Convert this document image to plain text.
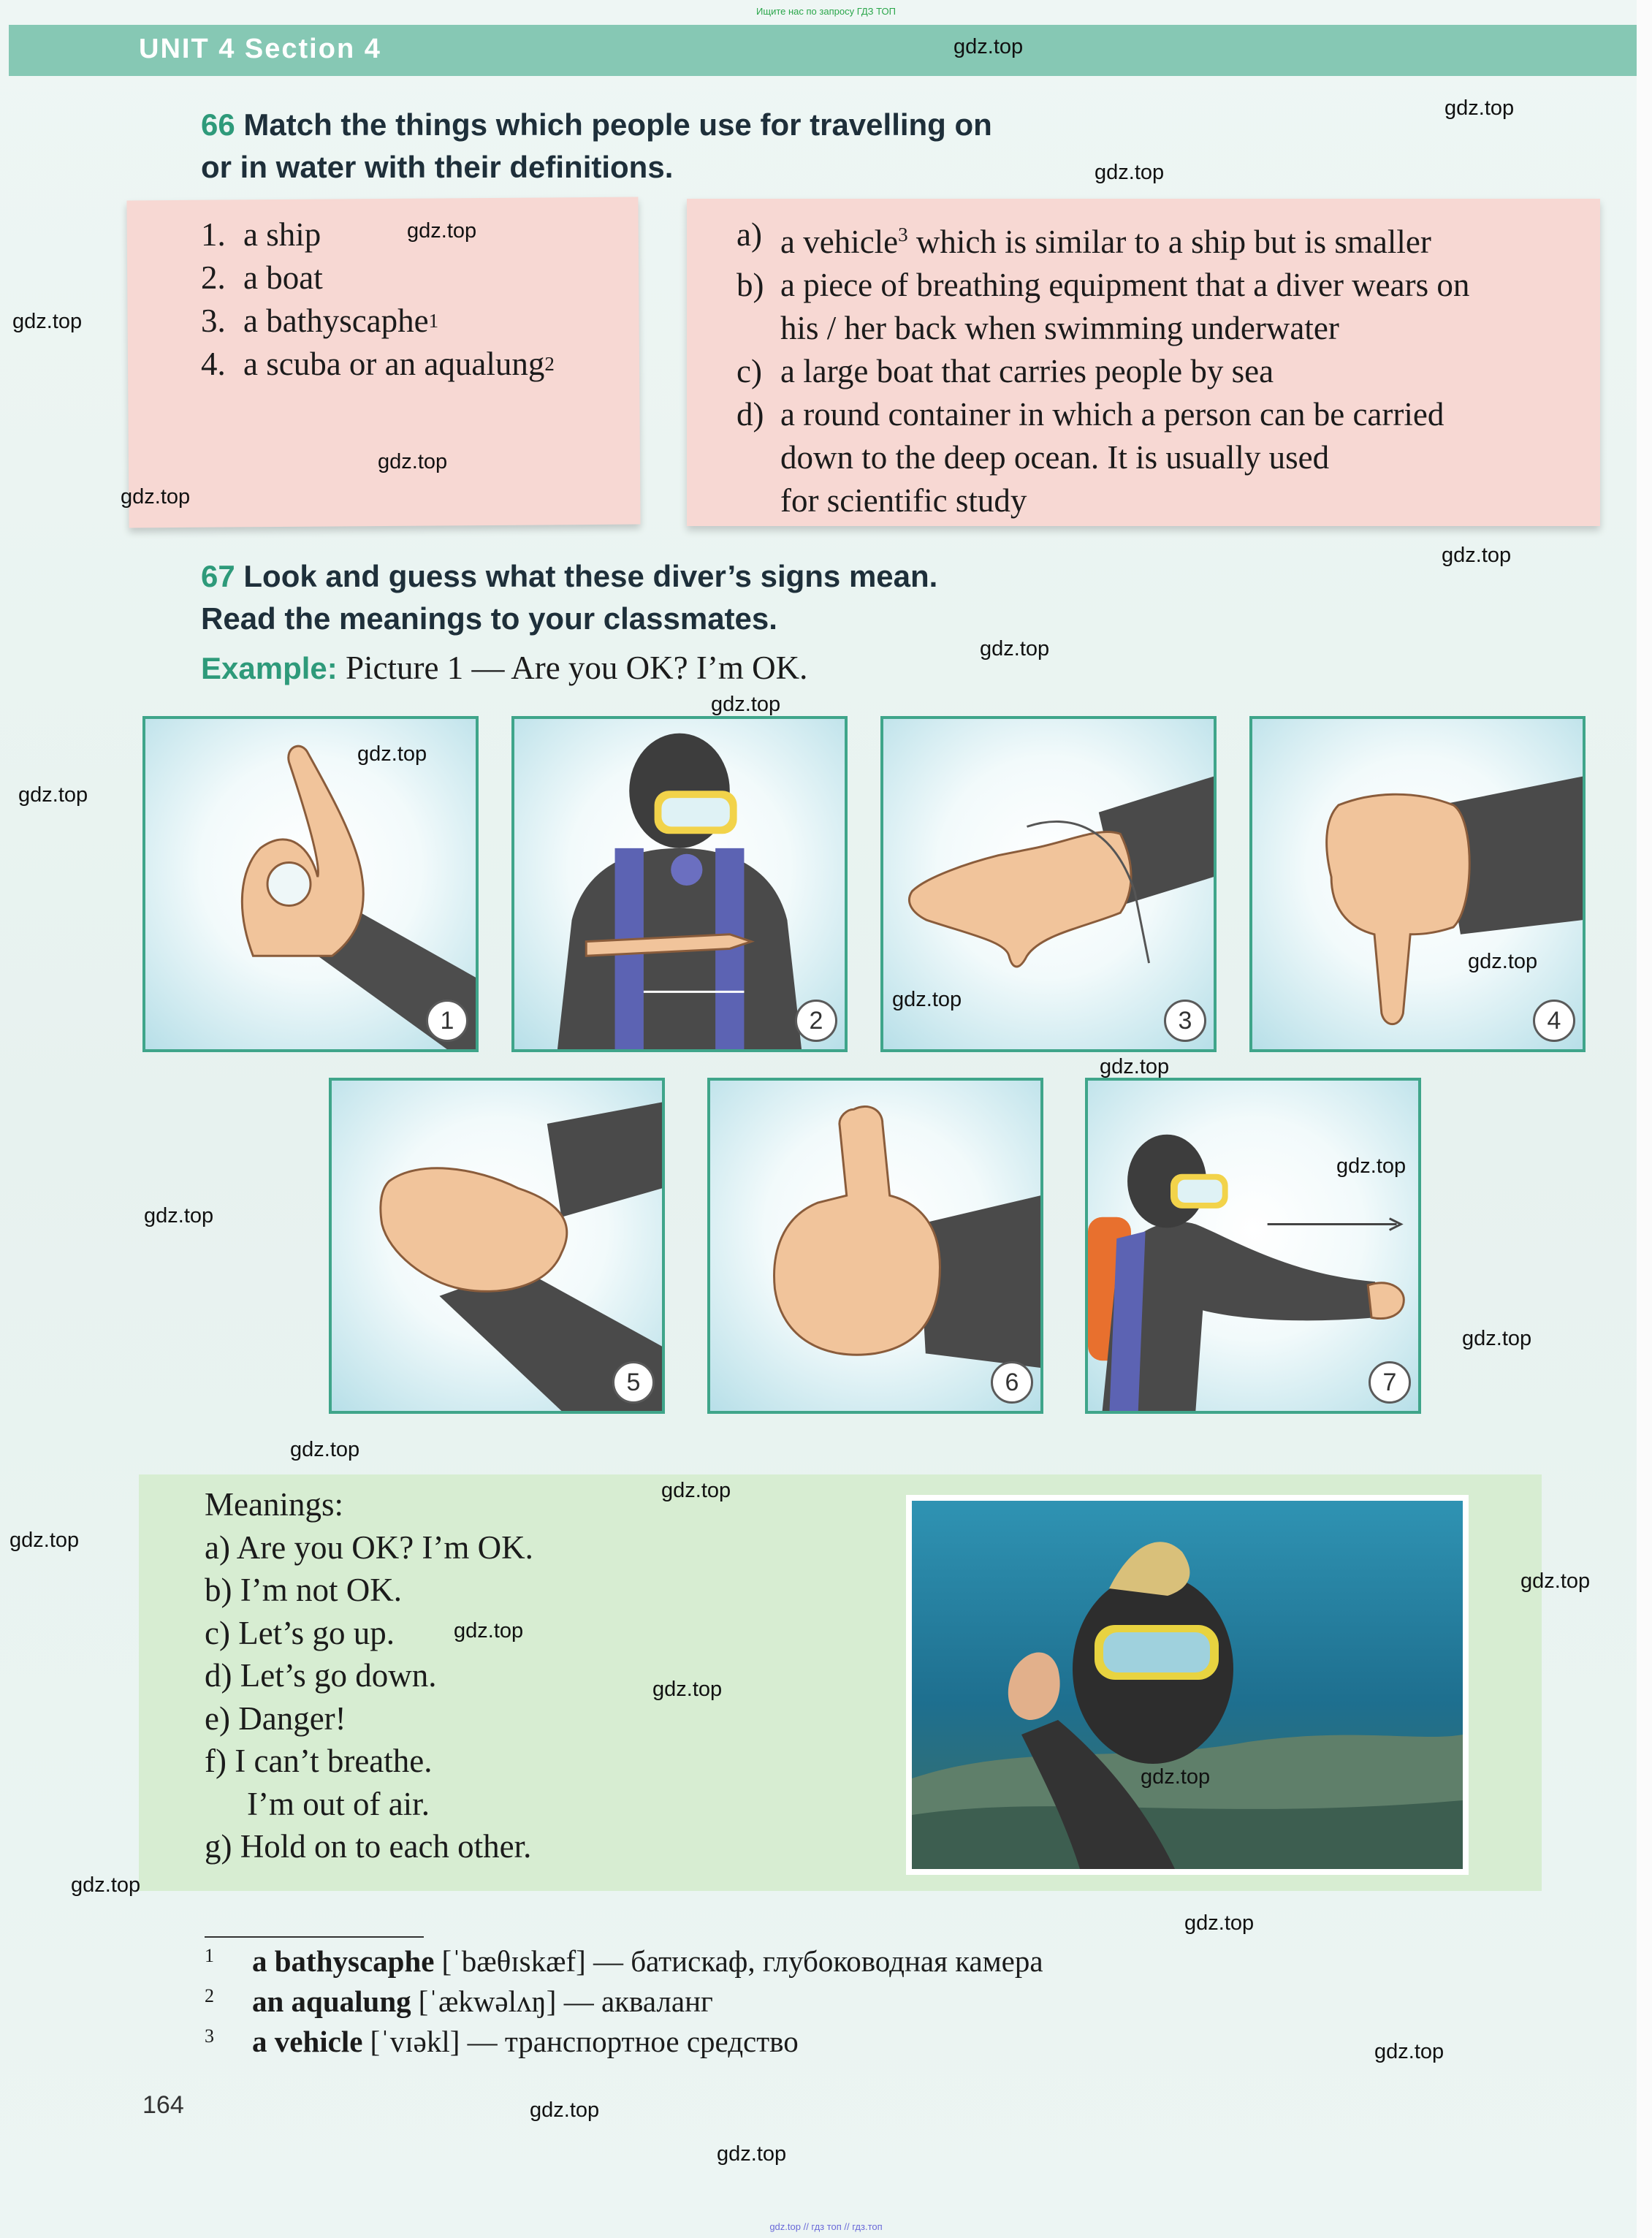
Ищите нас по запросу ГДЗ ТОП
UNIT 4 Section 4
66 Match the things which people use for travelling on
or in water with their definitions.
1. a ship
2. a boat
3. a bathyscaphe 1
4. a scuba or an aqualung 2
a) a vehicle$^3$ which is similar to a ship but is smaller
b) a piece of breathing equipment that a diver wears on
his / her back when swimming underwater
c) a large boat that carries people by sea
d) a round container in which a person can be carried
down to the deep ocean. It is usually used
for scientific study
67 Look and guess what these diver’s signs mean.
Read the meanings to your classmates.
Example: Picture 1 — Are you OK? I’m OK.
1	2	3	4
5	6	7
Meanings:
a) Are you OK? I’m OK.
b) I’m not OK.
c) Let’s go up.
d) Let’s go down.
e) Danger!
f) I can’t breathe.
I’m out of air.
g) Hold on to each other.
1	a bathyscaphe [ˈbæθɪskæf] — батискаф, глубоководная камера
2	an aqualung [ˈækwəlʌŋ] — акваланг
3	a vehicle [ˈvɪəkl] — транспортное средство
164
gdz.top
gdz.top
gdz.top
gdz.top
gdz.top
gdz.top
gdz.top
gdz.top
gdz.top
gdz.top
gdz.top
gdz.top
gdz.top
gdz.top
gdz.top
gdz.top
gdz.top
gdz.top
gdz.top
gdz.top
gdz.top
gdz.top
gdz.top
gdz.top
gdz.top
gdz.top
gdz.top
gdz.top
gdz.top
gdz.top
gdz.top // гдз топ // гдз.топ
